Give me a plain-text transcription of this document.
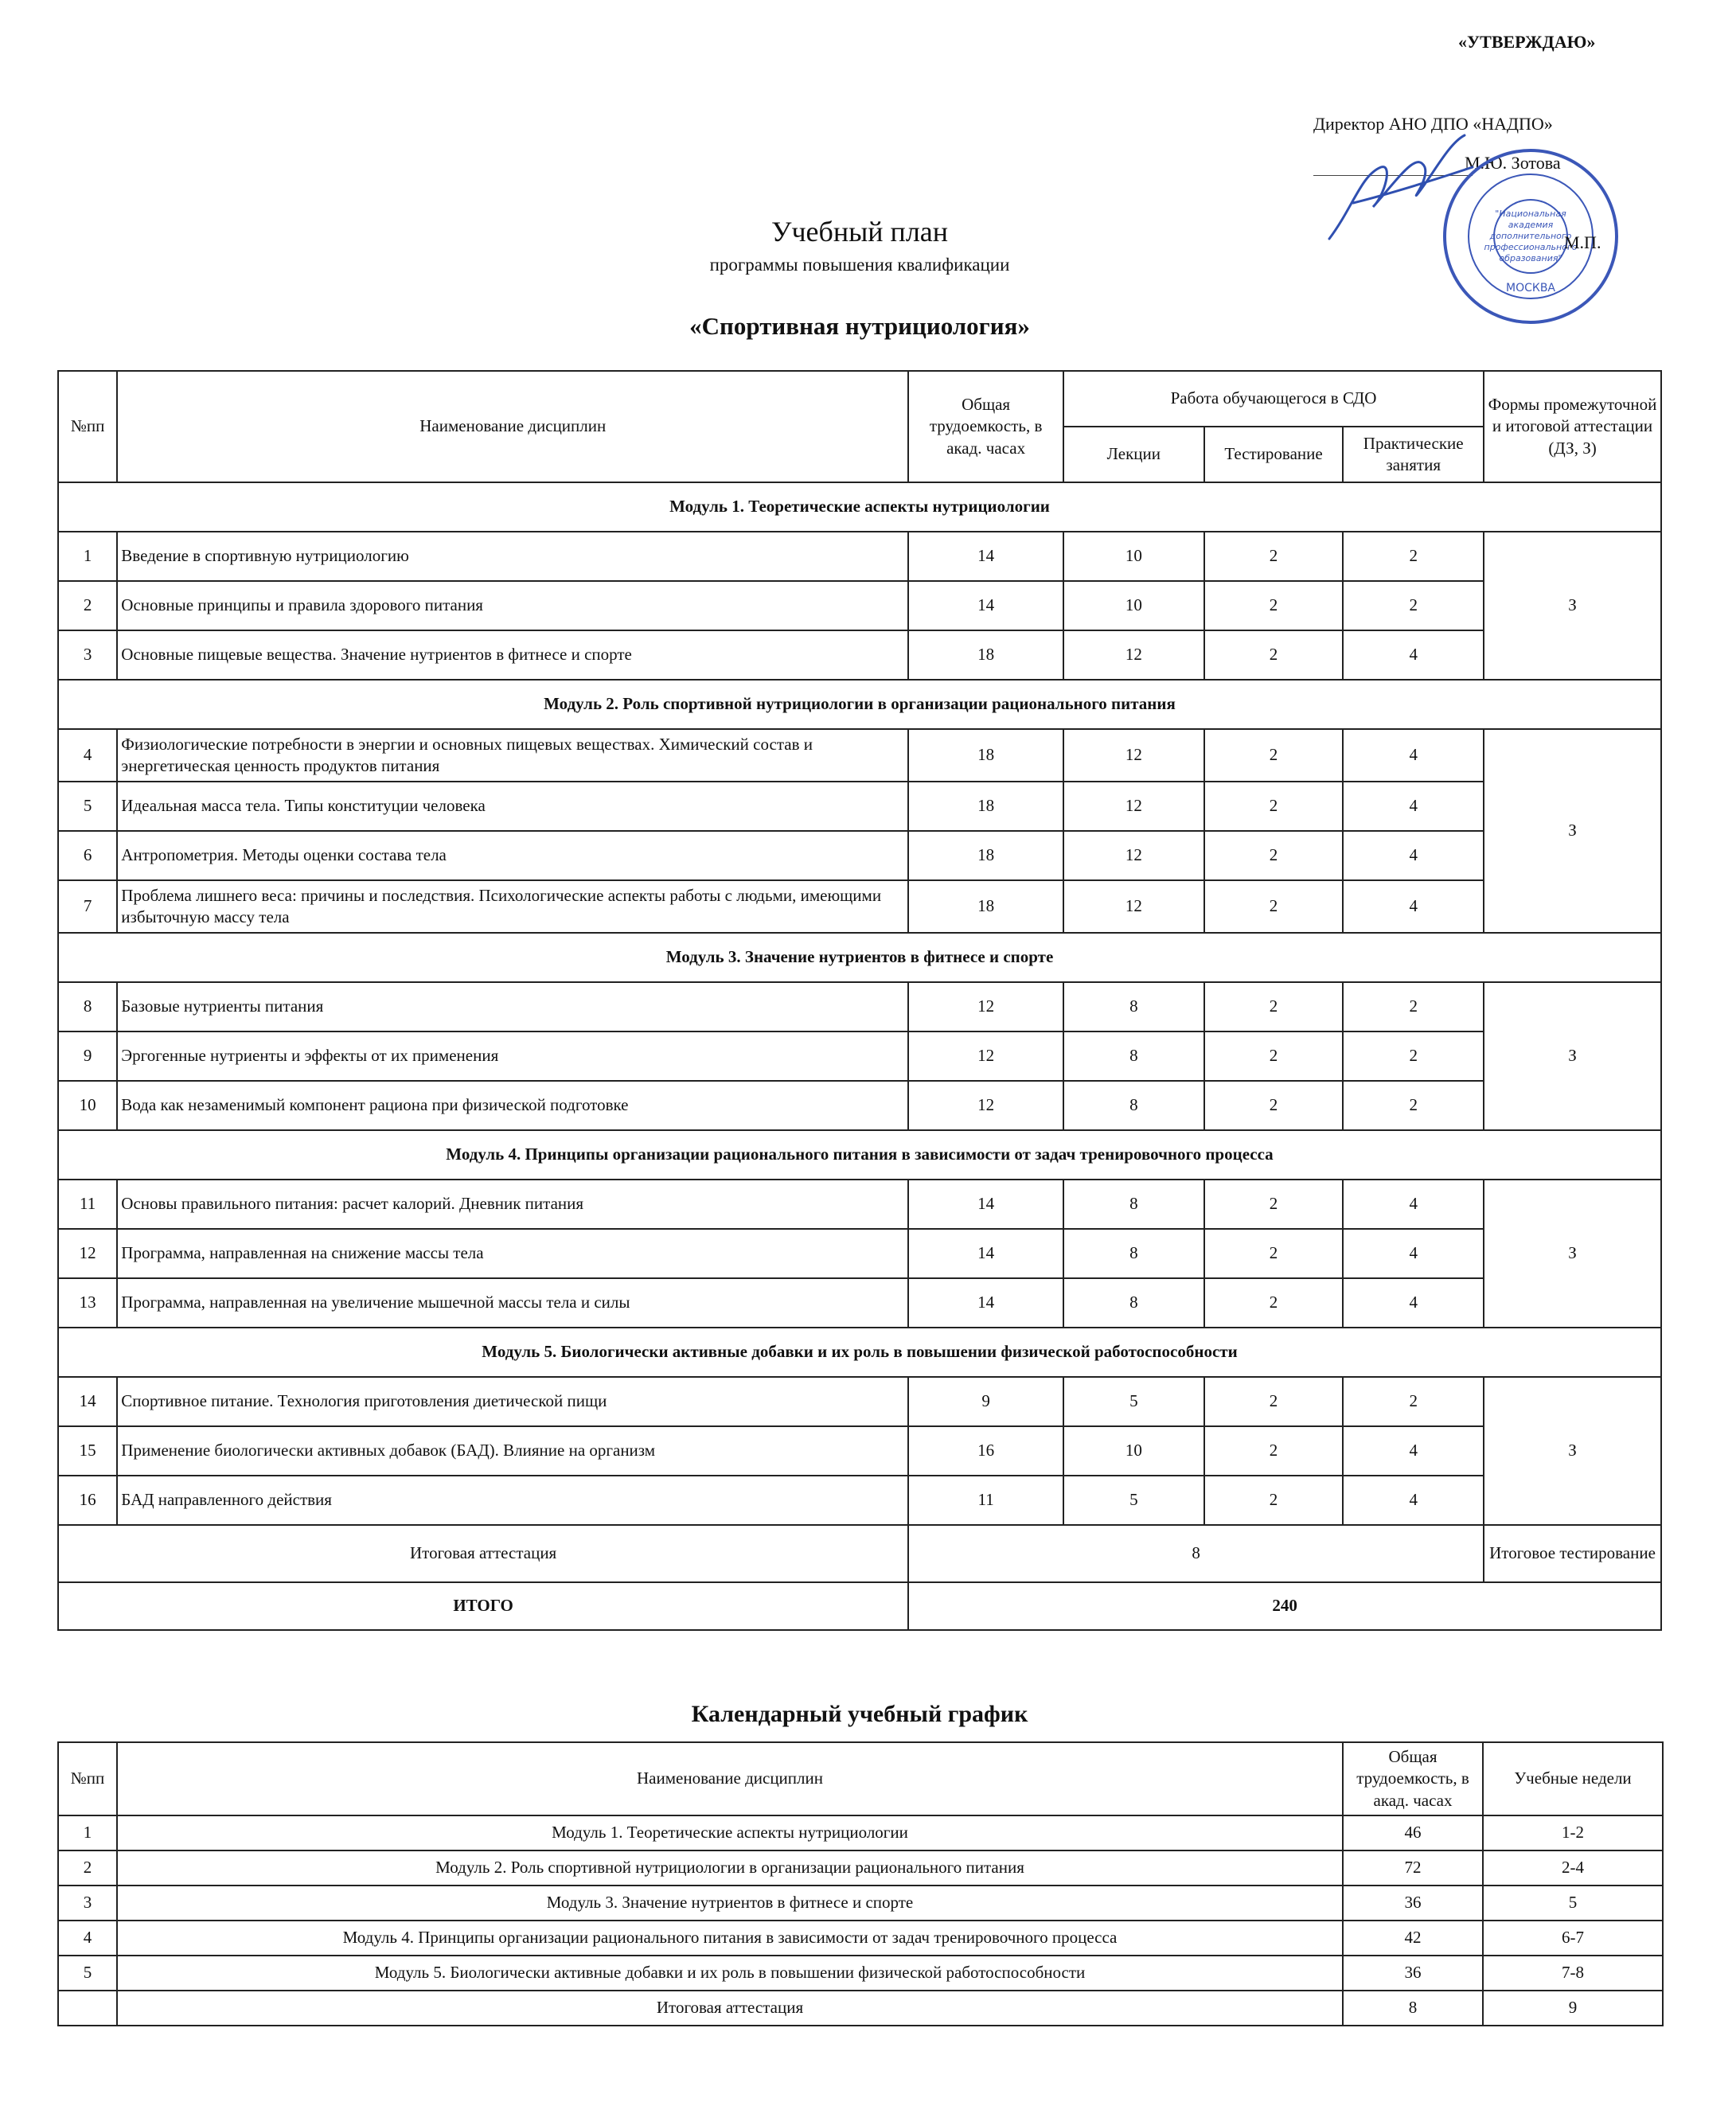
«УТВЕРЖДАЮ»
Директор АНО ДПО «НАДПО»
М.Ю. Зотова
"Национальная
академия
дополнительного
профессионального
образования"
МОСКВА
М.П.
Учебный план
программы повышения квалификации
«Спортивная нутрициология»
№пп	Наименование дисциплин	Общая трудоемкость, в акад. часах	Работа обучающегося в СДО			Формы промежуточной и итоговой аттестации (ДЗ, З)
			Лекции	Тестирование	Практические занятия	
Модуль 1. Теоретические аспекты нутрициологии						
1	Введение в спортивную нутрициологию	14	10	2	2	З
2	Основные принципы и правила здорового питания	14	10	2	2	
3	Основные пищевые вещества. Значение нутриентов в фитнесе и спорте	18	12	2	4	
Модуль 2. Роль спортивной нутрициологии в организации рационального питания						
4	Физиологические потребности в энергии и основных пищевых веществах. Химический состав и энергетическая ценность продуктов питания	18	12	2	4	З
5	Идеальная масса тела. Типы конституции человека	18	12	2	4	
6	Антропометрия. Методы оценки состава тела	18	12	2	4	
7	Проблема лишнего веса: причины и последствия. Психологические аспекты работы с людьми, имеющими избыточную массу тела	18	12	2	4	
Модуль 3. Значение нутриентов в фитнесе и спорте						
8	Базовые нутриенты питания	12	8	2	2	З
9	Эргогенные нутриенты и эффекты от их применения	12	8	2	2	
10	Вода как незаменимый компонент рациона при физической подготовке	12	8	2	2	
Модуль 4. Принципы организации рационального питания в зависимости от задач тренировочного процесса						
11	Основы правильного питания: расчет калорий. Дневник питания	14	8	2	4	З
12	Программа, направленная на снижение массы тела	14	8	2	4	
13	Программа, направленная на увеличение мышечной массы тела и силы	14	8	2	4	
Модуль 5. Биологически активные добавки и их роль в повышении физической работоспособности						
14	Спортивное питание. Технология приготовления диетической пищи	9	5	2	2	З
15	Применение биологически активных добавок (БАД). Влияние на организм	16	10	2	4	
16	БАД направленного действия	11	5	2	4	
Итоговая аттестация		8				Итоговое тестирование
ИТОГО		240				
Календарный учебный график
№пп	Наименование дисциплин	Общая трудоемкость, в акад. часах	Учебные недели
1	Модуль 1. Теоретические аспекты нутрициологии	46	1-2
2	Модуль 2. Роль спортивной нутрициологии в организации рационального питания	72	2-4
3	Модуль 3. Значение нутриентов в фитнесе и спорте	36	5
4	Модуль 4. Принципы организации рационального питания в зависимости от задач тренировочного процесса	42	6-7
5	Модуль 5. Биологически активные добавки и их роль в повышении физической работоспособности	36	7-8
	Итоговая аттестация	8	9
